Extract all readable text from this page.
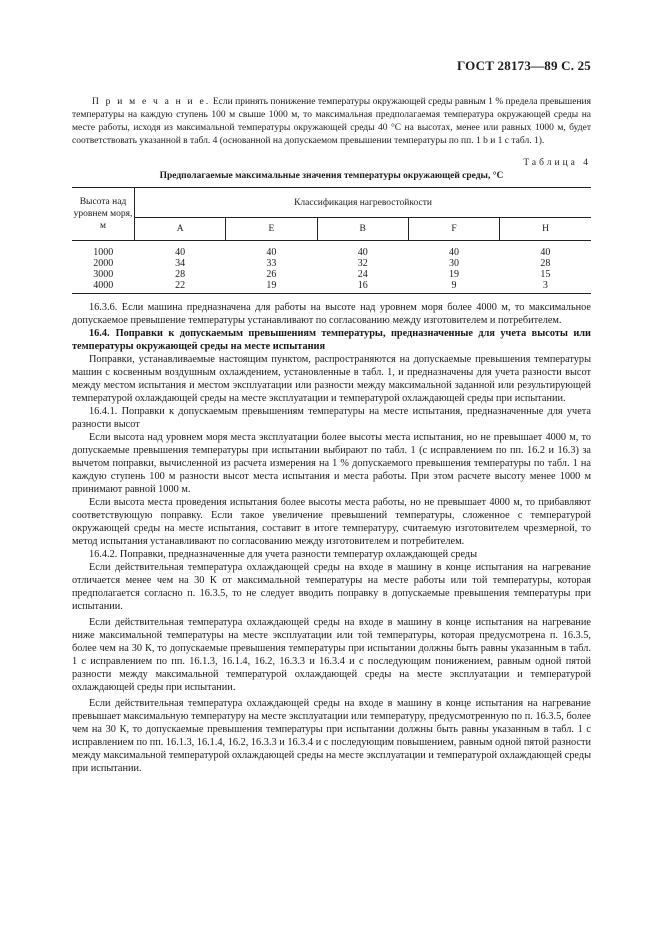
ГОСТ 28173—89 С. 25

П р и м е ч а н и е. Если принять понижение температуры окружающей среды равным 1 % предела превышения температуры на каждую ступень 100 м свыше 1000 м, то максимальная предполагаемая температура окружающей среды на месте работы, исходя из максимальной температуры окружающей среды 40 °С на высотах, менее или равных 1000 м, будет соответствовать указанной в табл. 4 (основанной на допускаемом превышении температуры по пп. 1 b и 1 с табл. 1).

Таблица 4
Предполагаемые максимальные значения температуры окружающей среды, °С
Высота над уровнем моря, м	Классификация нагревостойкости				
	A	E	B	F	H
1000	40	40	40	40	40
2000	34	33	32	30	28
3000	28	26	24	19	15
4000	22	19	16	9	3

16.3.6. Если машина предназначена для работы на высоте над уровнем моря более 4000 м, то максимальное допускаемое превышение температуры устанавливают по согласованию между изготовителем и потребителем.

16.4. Поправки к допускаемым превышениям температуры, предназначенные для учета высоты или температуры окружающей среды на месте испытания

Поправки, устанавливаемые настоящим пунктом, распространяются на допускаемые превышения температуры машин с косвенным воздушным охлаждением, установленные в табл. 1, и предназначены для учета разности высот между местом испытания и местом эксплуатации или разности между максимальной заданной или результирующей температурой охлаждающей среды на месте эксплуатации и температурой охлаждающей среды при испытании.

16.4.1. Поправки к допускаемым превышениям температуры на месте испытания, предназначенные для учета разности высот

Если высота над уровнем моря места эксплуатации более высоты места испытания, но не превышает 4000 м, то допускаемые превышения температуры при испытании выбирают по табл. 1 (с исправлением по пп. 16.2 и 16.3) за вычетом поправки, вычисленной из расчета измерения на 1 % допускаемого превышения температуры по табл. 1 на каждую ступень 100 м разности высот места испытания и места работы. При этом расчете высоту менее 1000 м принимают равной 1000 м.

Если высота места проведения испытания более высоты места работы, но не превышает 4000 м, то прибавляют соответствующую поправку. Если такое увеличение превышений температуры, сложенное с температурой окружающей среды на месте испытания, составит в итоге температуру, считаемую изготовителем чрезмерной, то метод испытания устанавливают по согласованию между изготовителем и потребителем.

16.4.2. Поправки, предназначенные для учета разности температур охлаждающей среды

Если действительная температура охлаждающей среды на входе в машину в конце испытания на нагревание отличается менее чем на 30 К от максимальной температуры на месте работы или той температуры, которая предполагается согласно п. 16.3.5, то не следует вводить поправку в допускаемые превышения температуры при испытании.

Если действительная температура охлаждающей среды на входе в машину в конце испытания на нагревание ниже максимальной температуры на месте эксплуатации или той температуры, которая предусмотрена п. 16.3.5, более чем на 30 К, то допускаемые превышения температуры при испытании должны быть равны указанным в табл. 1 с исправлением по пп. 16.1.3, 16.1.4, 16.2, 16.3.3 и 16.3.4 и с последующим понижением, равным одной пятой разности между максимальной температурой охлаждающей среды на месте эксплуатации и температурой охлаждающей среды при испытании.

Если действительная температура охлаждающей среды на входе в машину в конце испытания на нагревание превышает максимальную температуру на месте эксплуатации или температуру, предусмотренную по п. 16.3.5, более чем на 30 К, то допускаемые превышения температуры при испытании должны быть равны указанным в табл. 1 с исправлением по пп. 16.1.3, 16.1.4, 16.2, 16.3.3 и 16.3.4 и с последующим повышением, равным одной пятой разности между максимальной температурой охлаждающей среды на месте эксплуатации и температурой охлаждающей среды при испытании.
